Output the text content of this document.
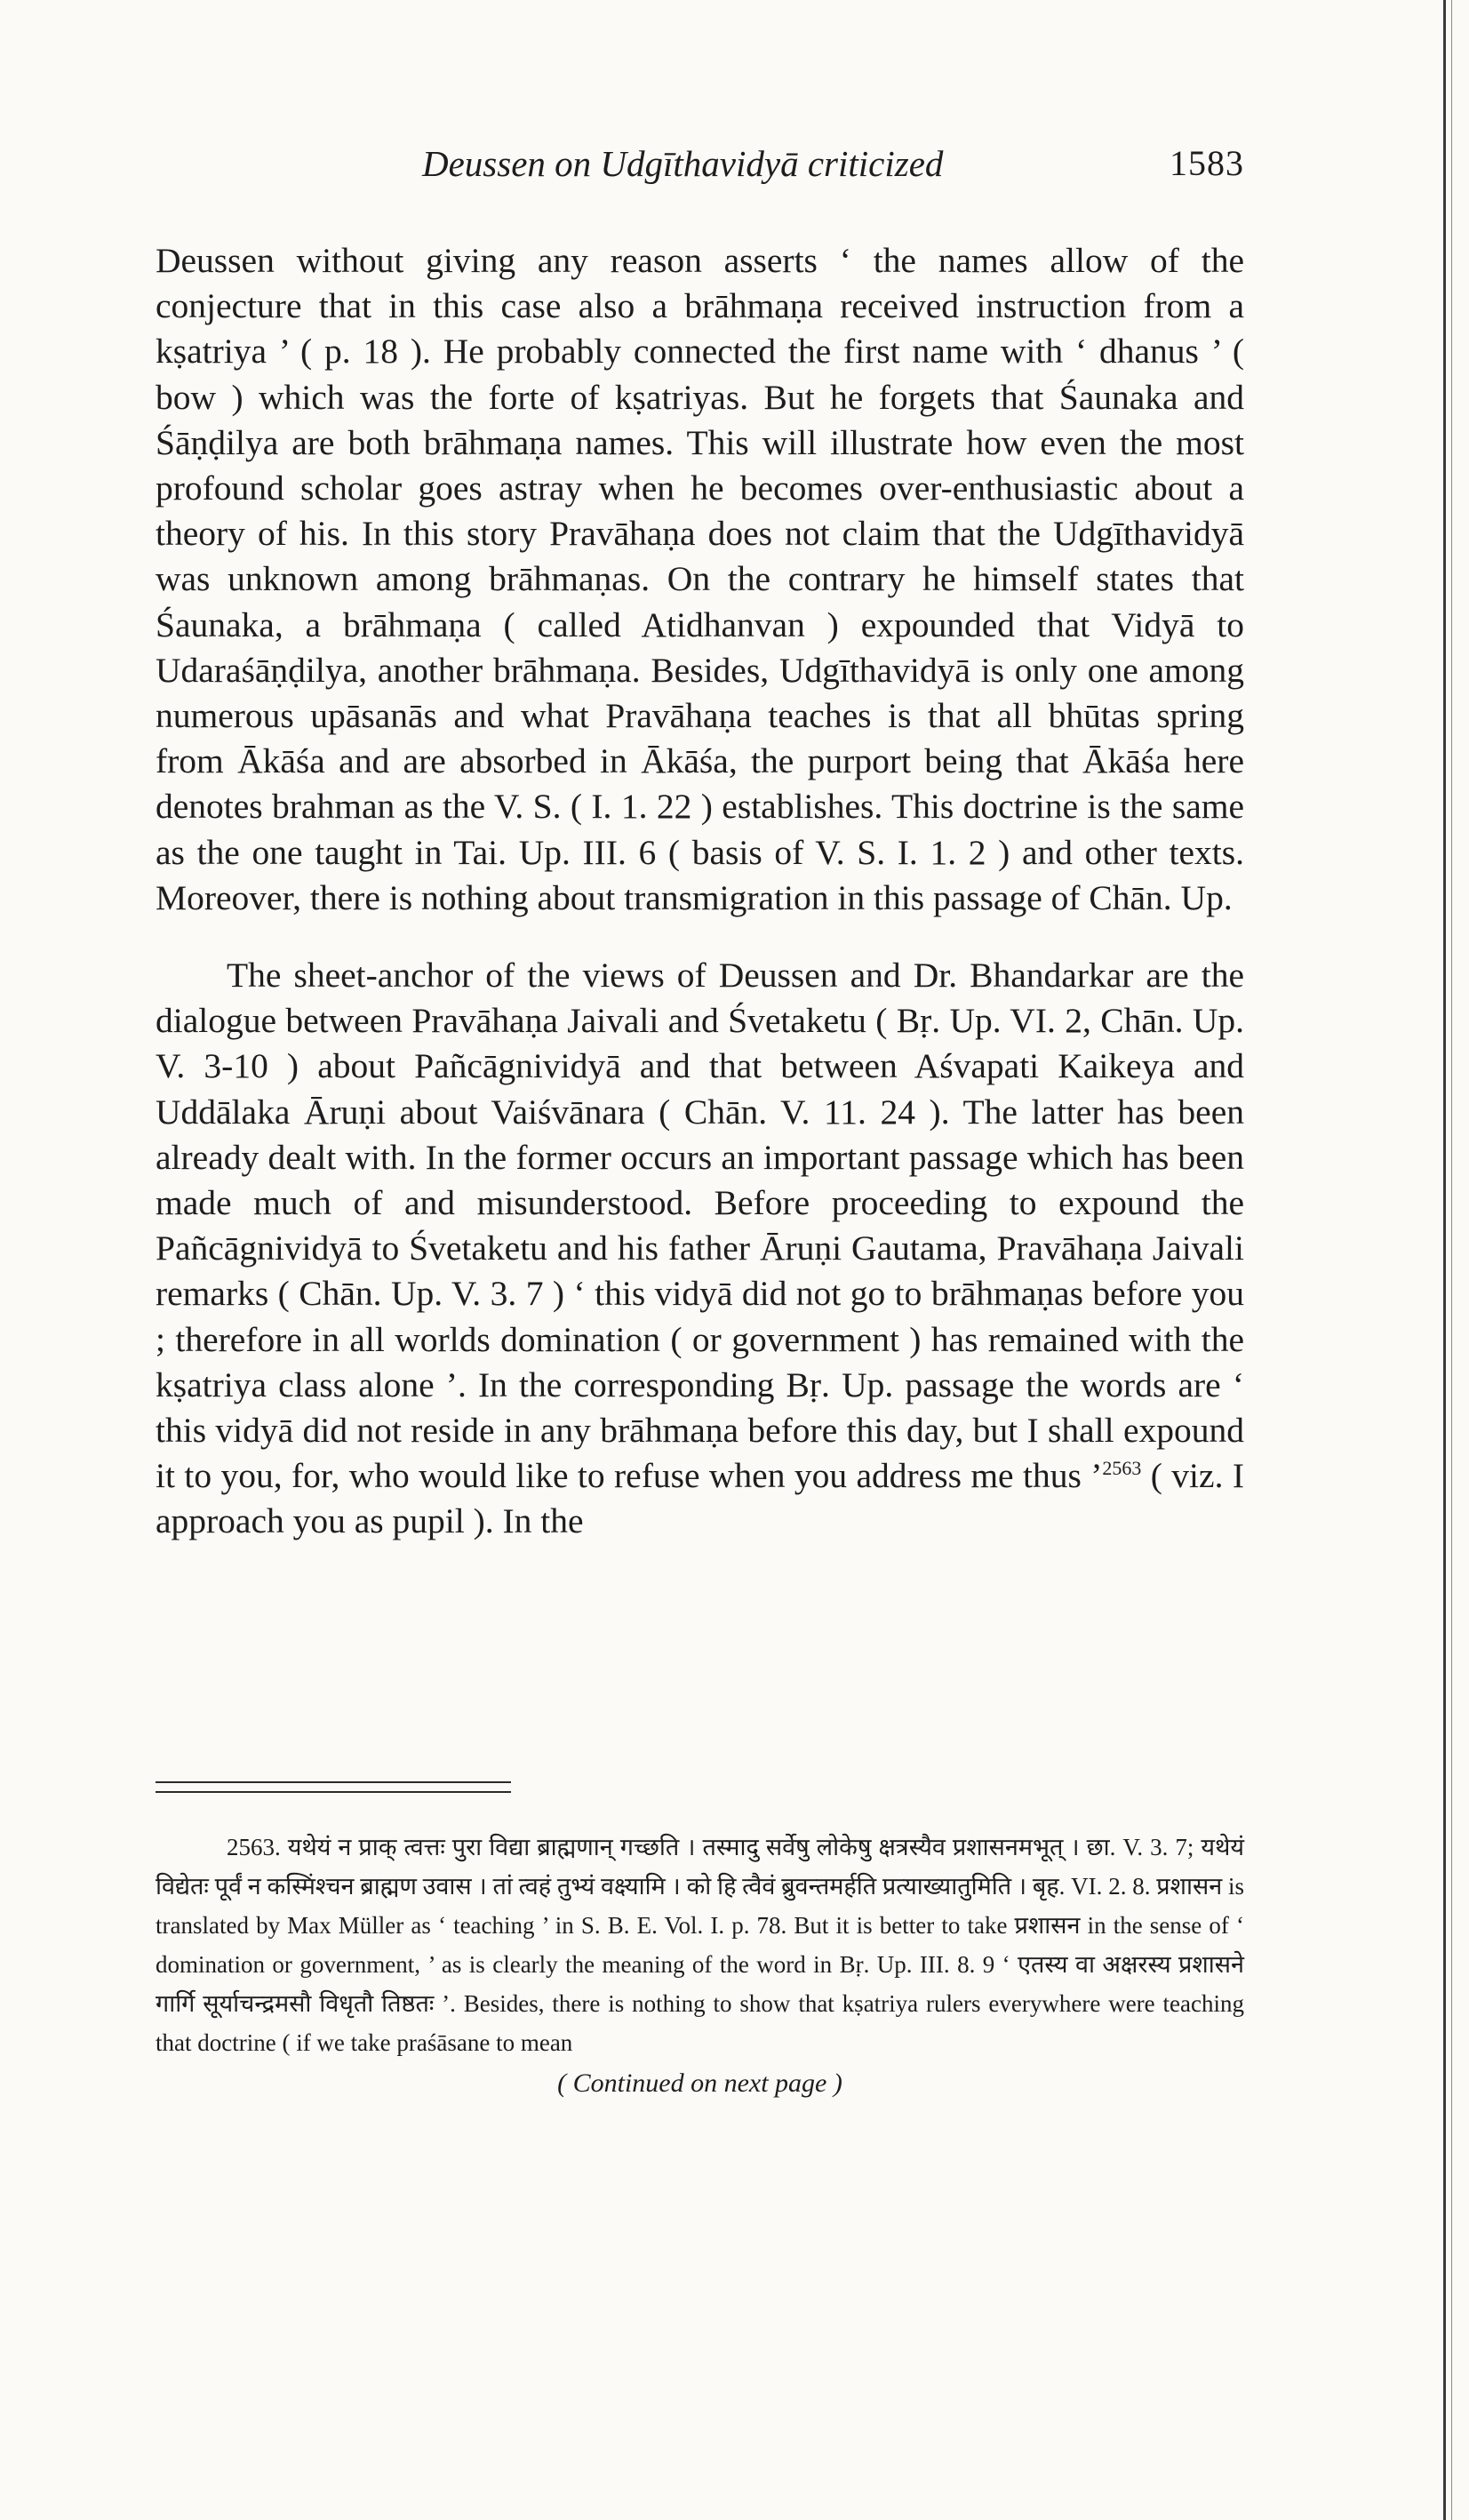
Deussen on Udgīthavidyā criticized	1583

Deussen without giving any reason asserts ‘ the names allow of the conjecture that in this case also a brāhmaṇa received instruction from a kṣatriya ’ ( p. 18 ). He probably connected the first name with ‘ dhanus ’ ( bow ) which was the forte of kṣatriyas. But he forgets that Śaunaka and Śāṇḍilya are both brāhmaṇa names. This will illustrate how even the most profound scholar goes astray when he becomes over-enthusiastic about a theory of his. In this story Pravāhaṇa does not claim that the Udgīthavidyā was unknown among brāhmaṇas. On the contrary he himself states that Śaunaka, a brāhmaṇa ( called Atidhanvan ) expounded that Vidyā to Udaraśāṇḍilya, another brāhmaṇa. Besides, Udgīthavidyā is only one among numerous upāsanās and what Pravāhaṇa teaches is that all bhūtas spring from Ākāśa and are absorbed in Ākāśa, the purport being that Ākāśa here denotes brahman as the V. S. ( I. 1. 22 ) establishes. This doctrine is the same as the one taught in Tai. Up. III. 6 ( basis of V. S. I. 1. 2 ) and other texts. Moreover, there is nothing about transmigration in this passage of Chān. Up.

The sheet-anchor of the views of Deussen and Dr. Bhandarkar are the dialogue between Pravāhaṇa Jaivali and Śvetaketu ( Bṛ. Up. VI. 2, Chān. Up. V. 3-10 ) about Pañcāgnividyā and that between Aśvapati Kaikeya and Uddālaka Āruṇi about Vaiśvānara ( Chān. V. 11. 24 ). The latter has been already dealt with. In the former occurs an important passage which has been made much of and misunderstood. Before proceeding to expound the Pañcāgnividyā to Śvetaketu and his father Āruṇi Gautama, Pravāhaṇa Jaivali remarks ( Chān. Up. V. 3. 7 ) ‘ this vidyā did not go to brāhmaṇas before you ; therefore in all worlds domination ( or government ) has remained with the kṣatriya class alone ’. In the corresponding Bṛ. Up. passage the words are ‘ this vidyā did not reside in any brāhmaṇa before this day, but I shall expound it to you, for, who would like to refuse when you address me thus ’$^{2563}$ ( viz. I approach you as pupil ). In the

2563. यथेयं न प्राक् त्वत्तः पुरा विद्या ब्राह्मणान् गच्छति । तस्मादु सर्वेषु लोकेषु क्षत्रस्यैव प्रशासनमभूत् । छा. V. 3. 7; यथेयं विद्येतः पूर्वं न कस्मिंश्चन ब्राह्मण उवास । तां त्वहं तुभ्यं वक्ष्यामि । को हि त्वैवं ब्रुवन्तमर्हति प्रत्याख्यातुमिति । बृह. VI. 2. 8. प्रशासन is translated by Max Müller as ‘ teaching ’ in S. B. E. Vol. I. p. 78. But it is better to take प्रशासन in the sense of ‘ domination or government, ’ as is clearly the meaning of the word in Bṛ. Up. III. 8. 9 ‘ एतस्य वा अक्षरस्य प्रशासने गार्गि सूर्याचन्द्रमसौ विधृतौ तिष्ठतः ’. Besides, there is nothing to show that kṣatriya rulers everywhere were teaching that doctrine ( if we take praśāsane to mean
( Continued on next page )
